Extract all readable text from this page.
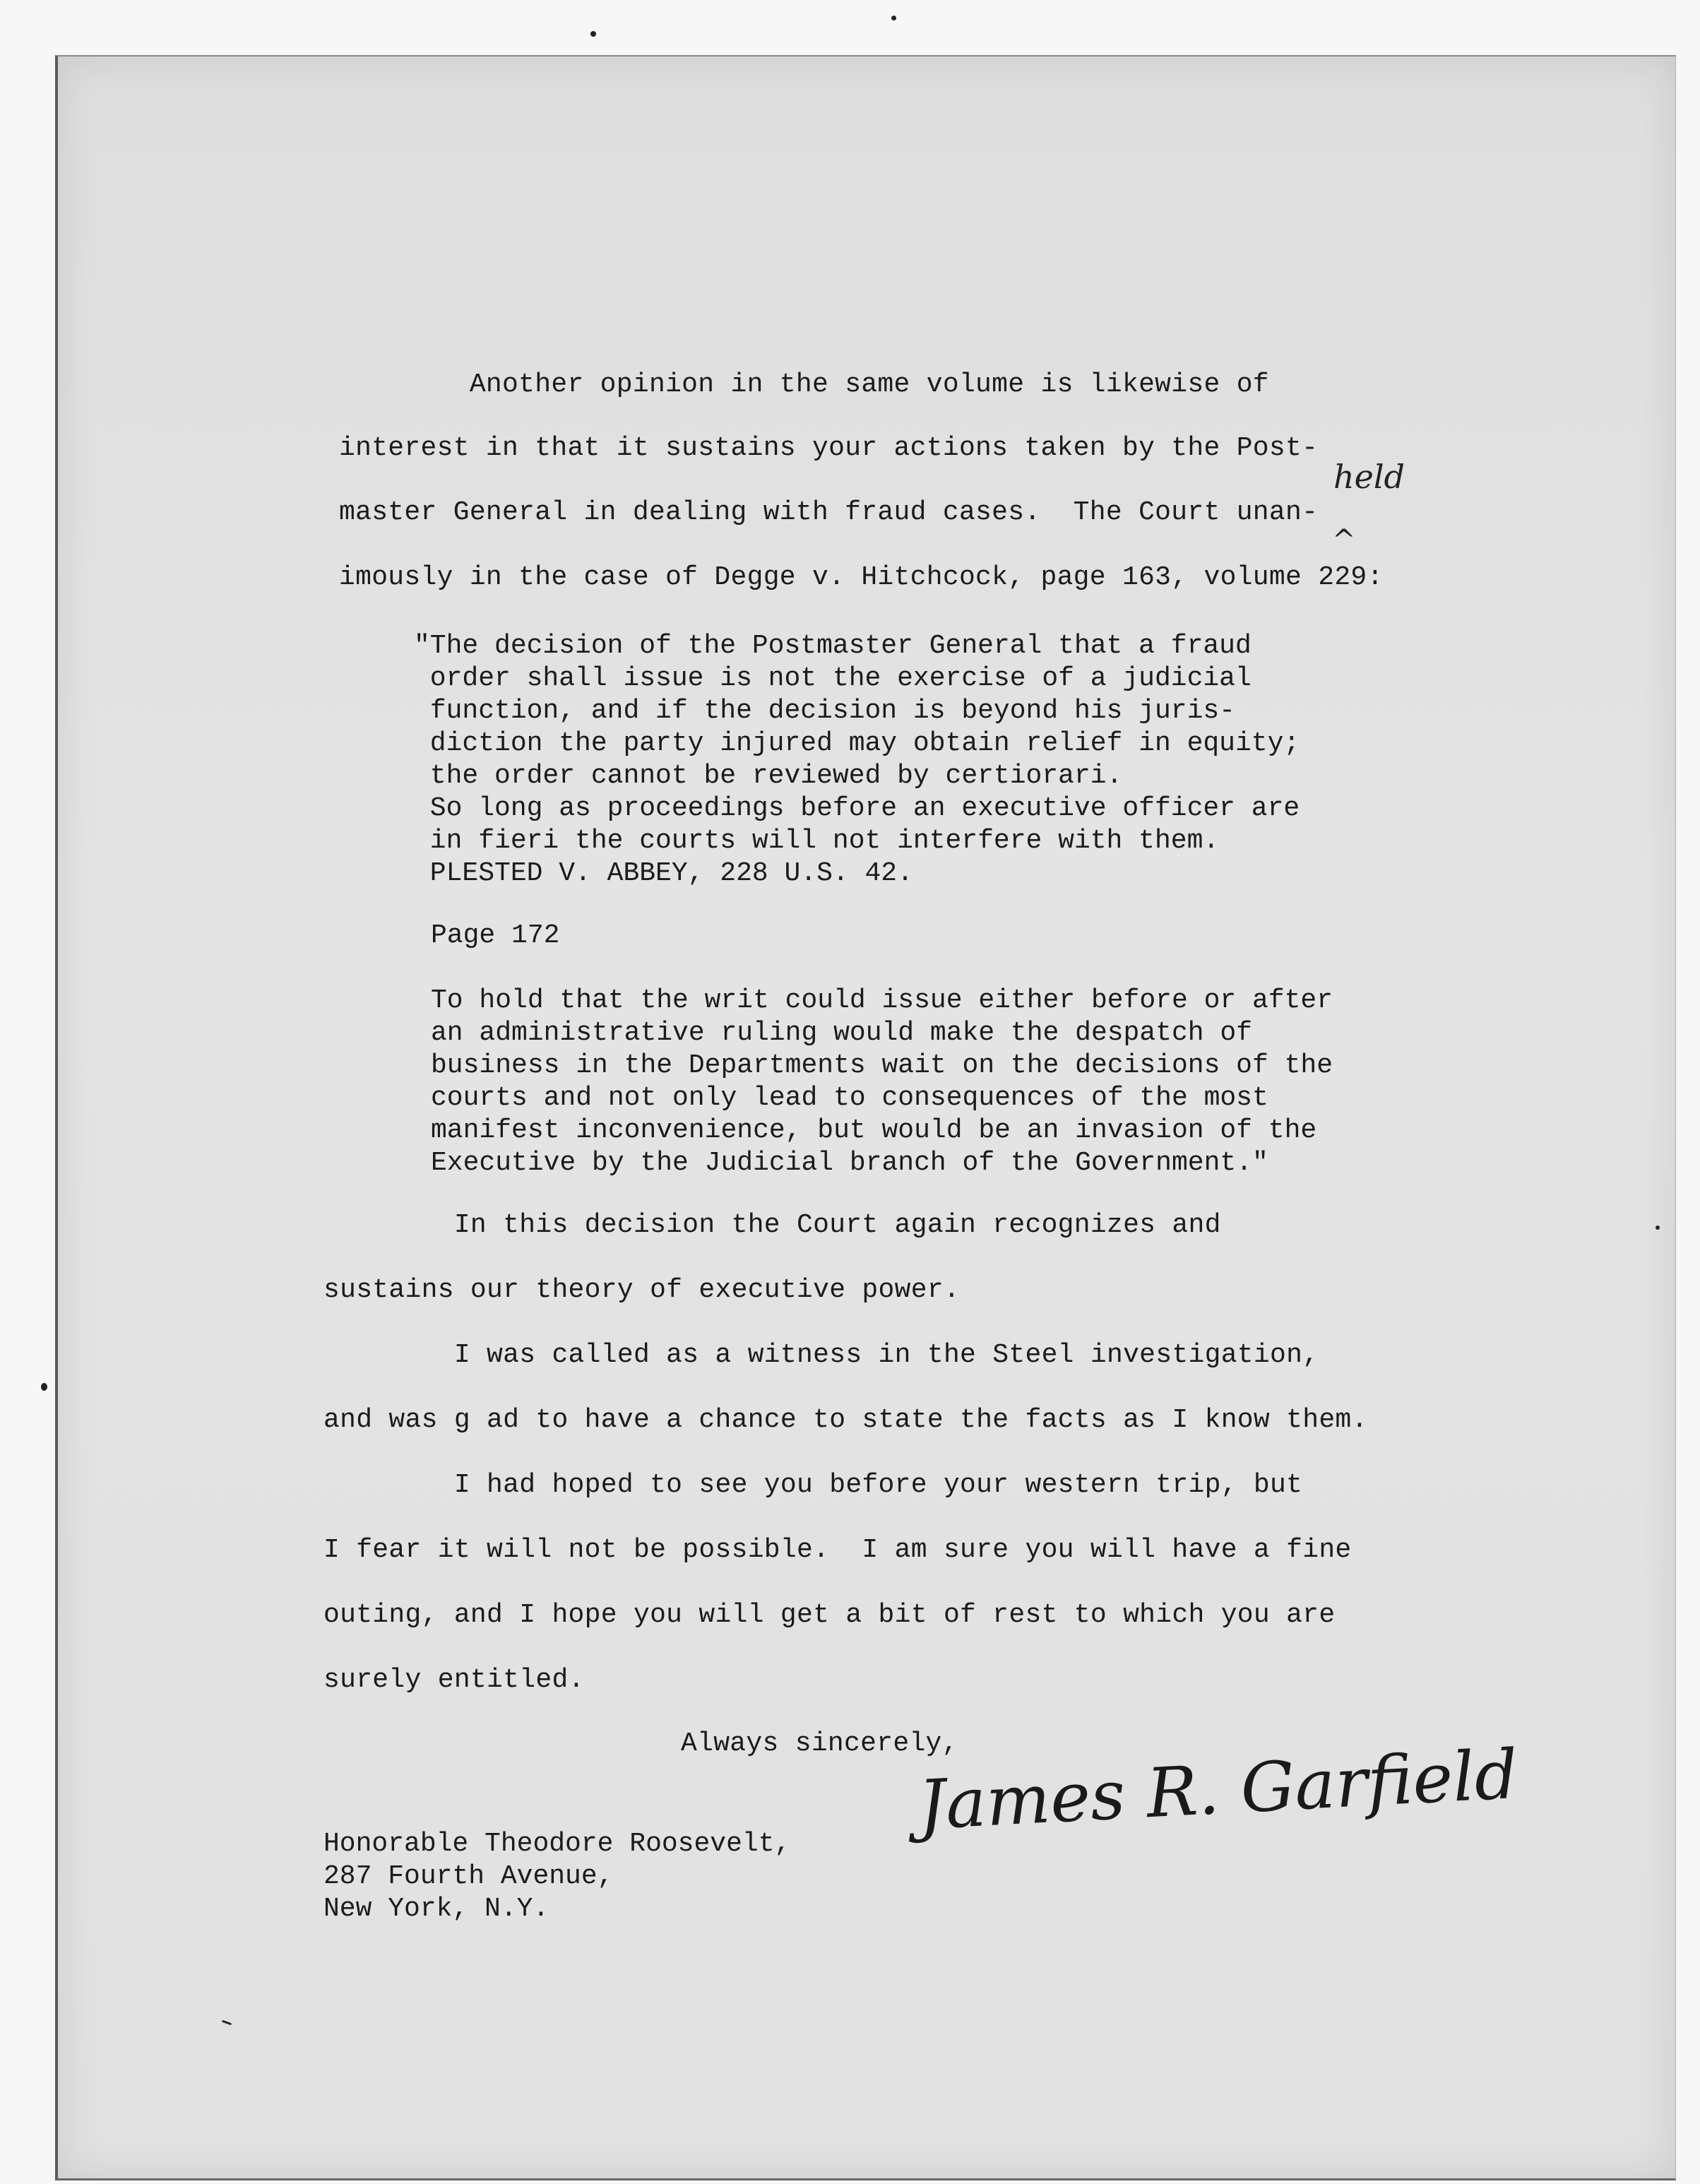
Another opinion in the same volume is likewise of

interest in that it sustains your actions taken by the Post-

master General in dealing with fraud cases.  The Court unan-

imously in the case of Degge v. Hitchcock, page 163, volume 229:

held
^

"The decision of the Postmaster General that a fraud

order shall issue is not the exercise of a judicial

function, and if the decision is beyond his juris-

diction the party injured may obtain relief in equity;

the order cannot be reviewed by certiorari.

So long as proceedings before an executive officer are

in fieri the courts will not interfere with them.

PLESTED V. ABBEY, 228 U.S. 42.

Page 172

To hold that the writ could issue either before or after

an administrative ruling would make the despatch of

business in the Departments wait on the decisions of the

courts and not only lead to consequences of the most

manifest inconvenience, but would be an invasion of the

Executive by the Judicial branch of the Government."

In this decision the Court again recognizes and

sustains our theory of executive power.

I was called as a witness in the Steel investigation,

and was g ad to have a chance to state the facts as I know them.

I had hoped to see you before your western trip, but

I fear it will not be possible.  I am sure you will have a fine

outing, and I hope you will get a bit of rest to which you are

surely entitled.

Always sincerely,

James R. Garfield

Honorable Theodore Roosevelt,

287 Fourth Avenue,

New York, N.Y.
